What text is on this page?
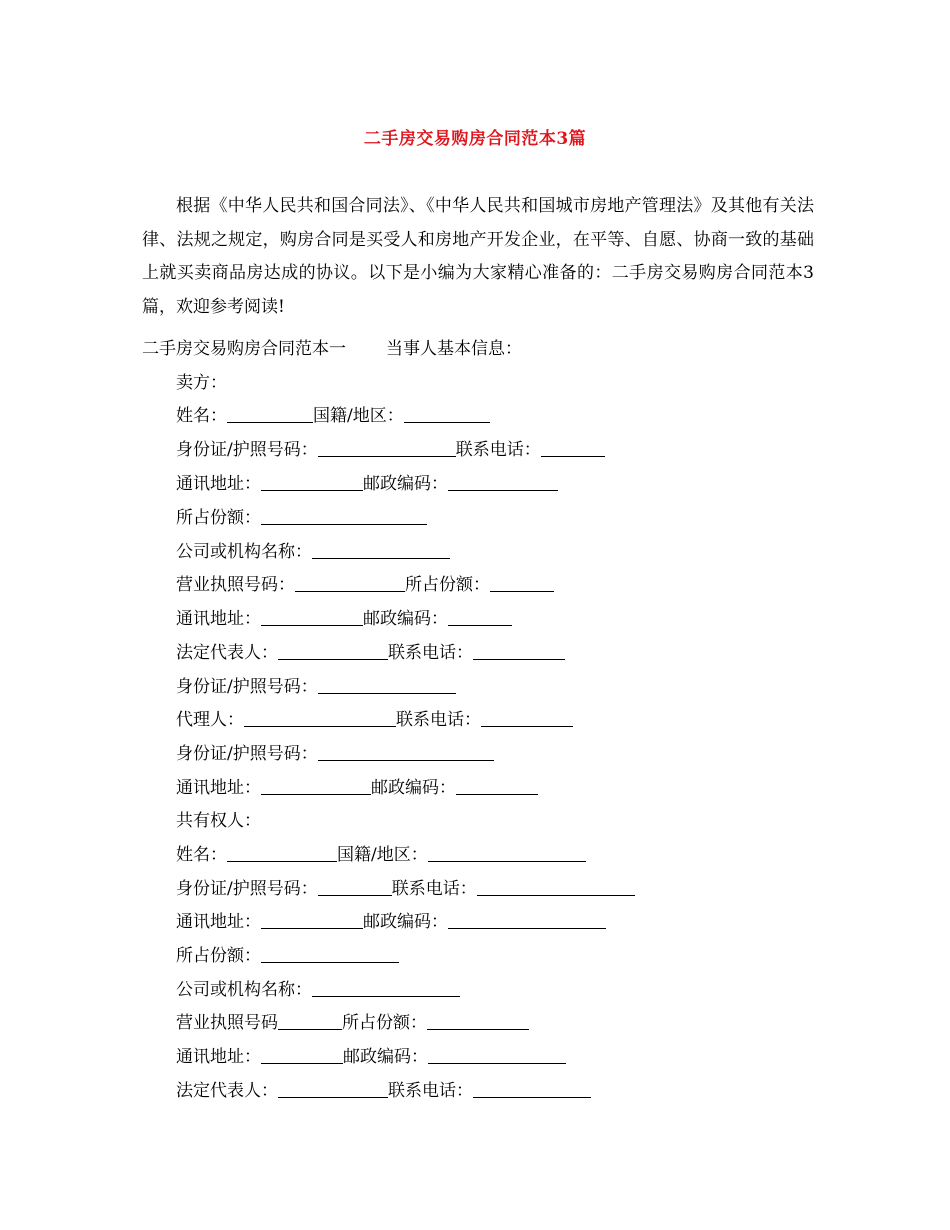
二手房交易购房合同范本3篇
根据《中华人民共和国合同法》、《中华人民共和国城市房地产管理法》及其他有关法律、法规之规定，购房合同是买受人和房地产开发企业，在平等、自愿、协商一致的基础上就买卖商品房达成的协议。以下是小编为大家精心准备的：二手房交易购房合同范本3篇，欢迎参考阅读!
二手房交易购房合同范本一 当事人基本信息：
卖方：
姓名：	国籍/地区：
身份证/护照号码：	联系电话：
通讯地址：	邮政编码：
所占份额：
公司或机构名称：
营业执照号码：	所占份额：
通讯地址：	邮政编码：
法定代表人：	联系电话：
身份证/护照号码：
代理人：	联系电话：
身份证/护照号码：
通讯地址：	邮政编码：
共有权人：
姓名：	国籍/地区：
身份证/护照号码：	联系电话：
通讯地址：	邮政编码：
所占份额：
公司或机构名称：
营业执照号码	所占份额：
通讯地址：	邮政编码：
法定代表人：	联系电话：
